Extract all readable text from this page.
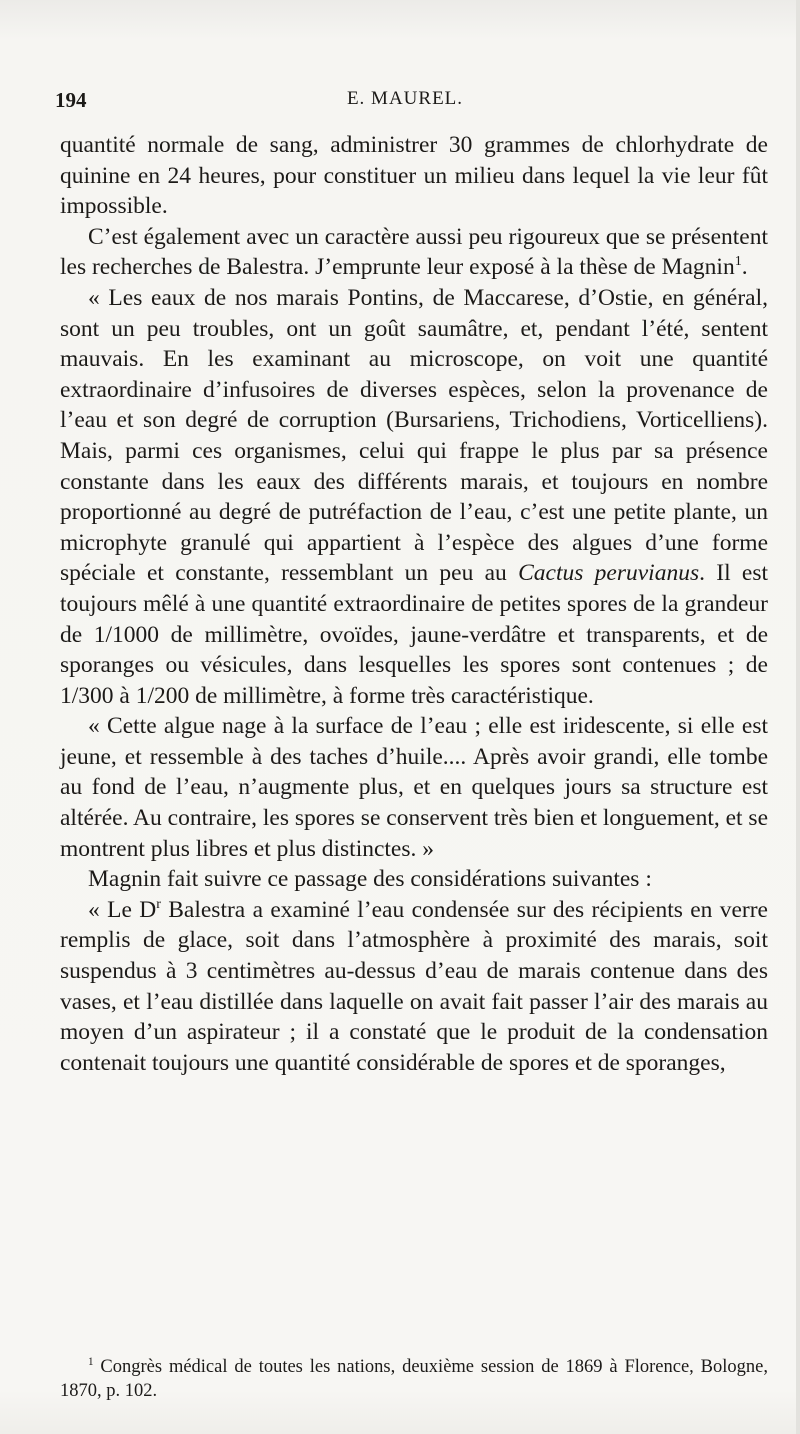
194	E. MAUREL.

quantité normale de sang, administrer 30 grammes de chlorhydrate de quinine en 24 heures, pour constituer un milieu dans lequel la vie leur fût impossible.

C’est également avec un caractère aussi peu rigoureux que se présentent les recherches de Balestra. J’emprunte leur exposé à la thèse de Magnin$^1$.

« Les eaux de nos marais Pontins, de Maccarese, d’Ostie, en général, sont un peu troubles, ont un goût saumâtre, et, pendant l’été, sentent mauvais. En les examinant au microscope, on voit une quantité extraordinaire d’infusoires de diverses espèces, selon la provenance de l’eau et son degré de corruption (Bursariens, Trichodiens, Vorticelliens). Mais, parmi ces organismes, celui qui frappe le plus par sa présence constante dans les eaux des différents marais, et toujours en nombre proportionné au degré de putréfaction de l’eau, c’est une petite plante, un microphyte granulé qui appartient à l’espèce des algues d’une forme spéciale et constante, ressemblant un peu au Cactus peruvianus. Il est toujours mêlé à une quantité extraordinaire de petites spores de la grandeur de 1/1000 de millimètre, ovoïdes, jaune-verdâtre et transparents, et de sporanges ou vésicules, dans lesquelles les spores sont contenues ; de 1/300 à 1/200 de millimètre, à forme très caractéristique.

« Cette algue nage à la surface de l’eau ; elle est iridescente, si elle est jeune, et ressemble à des taches d’huile.... Après avoir grandi, elle tombe au fond de l’eau, n’augmente plus, et en quelques jours sa structure est altérée. Au contraire, les spores se conservent très bien et longuement, et se montrent plus libres et plus distinctes. »

Magnin fait suivre ce passage des considérations suivantes :

« Le $D^r$ Balestra a examiné l’eau condensée sur des récipients en verre remplis de glace, soit dans l’atmosphère à proximité des marais, soit suspendus à 3 centimètres au-dessus d’eau de marais contenue dans des vases, et l’eau distillée dans laquelle on avait fait passer l’air des marais au moyen d’un aspirateur ; il a constaté que le produit de la condensation contenait toujours une quantité considérable de spores et de sporanges,

$^1$ Congrès médical de toutes les nations, deuxième session de 1869 à Florence, Bologne, 1870, p. 102.
